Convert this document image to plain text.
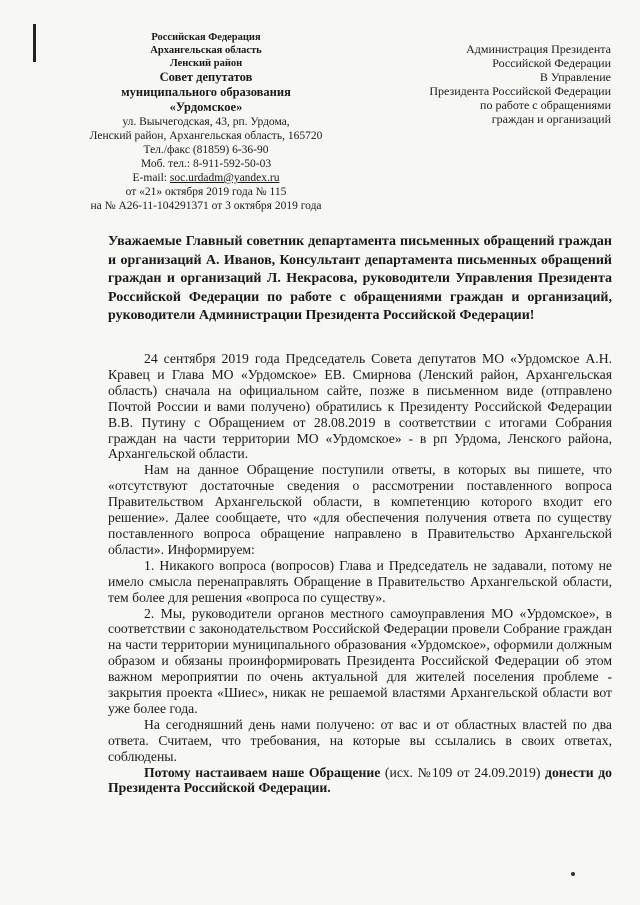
Российская Федерация
Архангельская область
Ленский район
Совет депутатов
муниципального образования
«Урдомское»
ул. Выычегодская, 43, рп. Урдома,
Ленский район, Архангельская область, 165720
Тел./факс (81859) 6-36-90
Моб. тел.: 8-911-592-50-03
E-mail: soc.urdadm@yandex.ru
от «21» октября 2019 года № 115
на № А26-11-104291371 от 3 октября 2019 года
Администрация Президента
Российской Федерации
В Управление
Президента Российской Федерации
по работе с обращениями
граждан и организаций
Уважаемые Главный советник департамента письменных обращений граждан и организаций А. Иванов, Консультант департамента письменных обращений граждан и организаций Л. Некрасова, руководители Управления Президента Российской Федерации по работе с обращениями граждан и организаций, руководители Администрации Президента Российской Федерации!

24 сентября 2019 года Председатель Совета депутатов МО «Урдомское А.Н. Кравец и Глава МО «Урдомское» ЕВ. Смирнова (Ленский район, Архангельская область) сначала на официальном сайте, позже в письменном виде (отправлено Почтой России и вами получено) обратились к Президенту Российской Федерации В.В. Путину с Обращением от 28.08.2019 в соответствии с итогами Собрания граждан на части территории МО «Урдомское» - в рп Урдома, Ленского района, Архангельской области.

Нам на данное Обращение поступили ответы, в которых вы пишете, что «отсутствуют достаточные сведения о рассмотрении поставленного вопроса Правительством Архангельской области, в компетенцию которого входит его решение». Далее сообщаете, что «для обеспечения получения ответа по существу поставленного вопроса обращение направлено в Правительство Архангельской области». Информируем:

1. Никакого вопроса (вопросов) Глава и Председатель не задавали, потому не имело смысла перенаправлять Обращение в Правительство Архангельской области, тем более для решения «вопроса по существу».

2. Мы, руководители органов местного самоуправления МО «Урдомское», в соответствии с законодательством Российской Федерации провели Собрание граждан на части территории муниципального образования «Урдомское», оформили должным образом и обязаны проинформировать Президента Российской Федерации об этом важном мероприятии по очень актуальной для жителей поселения проблеме - закрытия проекта «Шиес», никак не решаемой властями Архангельской области вот уже более года.

На сегодняшний день нами получено: от вас и от областных властей по два ответа. Считаем, что требования, на которые вы ссылались в своих ответах, соблюдены.

Потому настаиваем наше Обращение (исх. №109 от 24.09.2019) донести до Президента Российской Федерации.
